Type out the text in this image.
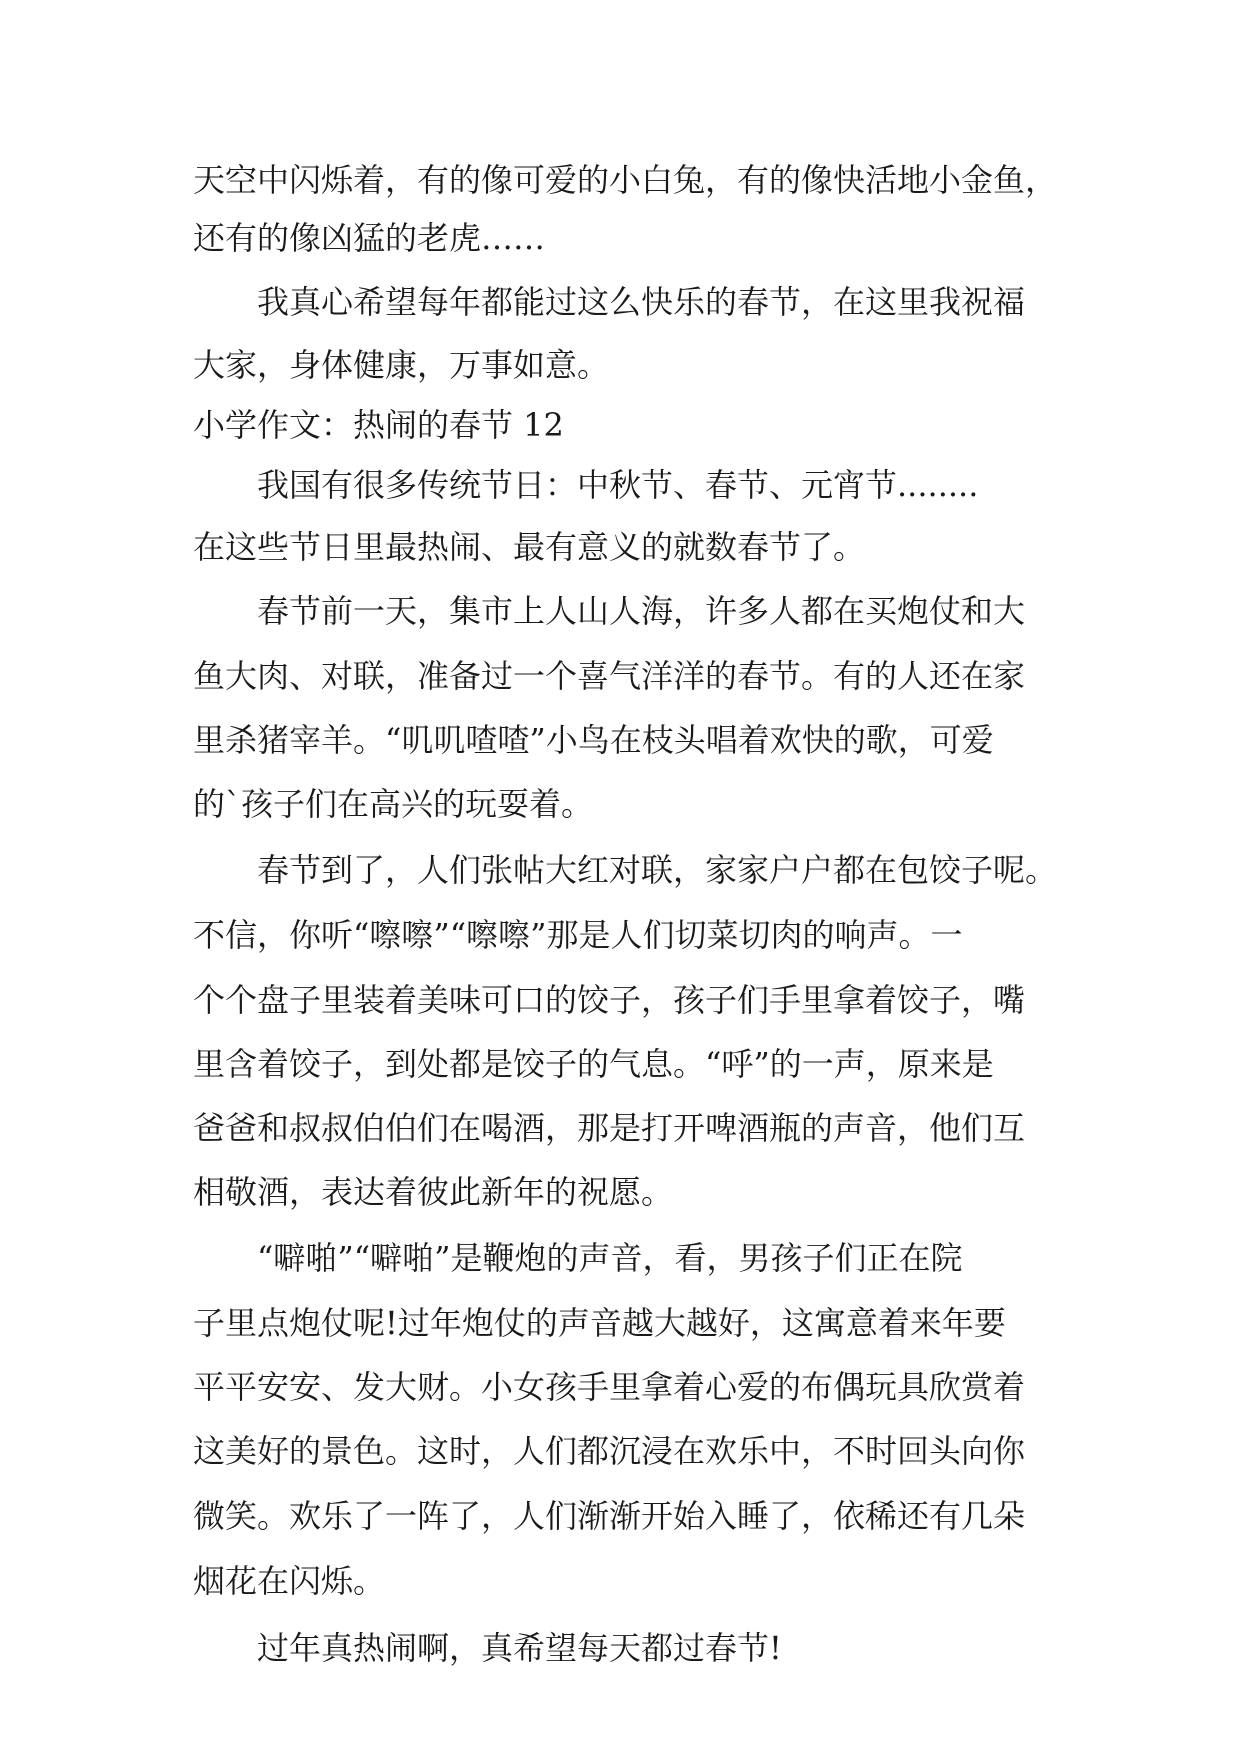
天空中闪烁着，有的像可爱的小白兔，有的像快活地小金鱼，
还有的像凶猛的老虎……
我真心希望每年都能过这么快乐的春节，在这里我祝福
大家，身体健康，万事如意。
小学作文：热闹的春节 12
我国有很多传统节日：中秋节、春节、元宵节........
在这些节日里最热闹、最有意义的就数春节了。
春节前一天，集市上人山人海，许多人都在买炮仗和大
鱼大肉、对联，准备过一个喜气洋洋的春节。有的人还在家
里杀猪宰羊。“叽叽喳喳”小鸟在枝头唱着欢快的歌，可爱
的`孩子们在高兴的玩耍着。
春节到了，人们张帖大红对联，家家户户都在包饺子呢。
不信，你听“嚓嚓”“嚓嚓”那是人们切菜切肉的响声。一
个个盘子里装着美味可口的饺子，孩子们手里拿着饺子，嘴
里含着饺子，到处都是饺子的气息。“呼”的一声，原来是
爸爸和叔叔伯伯们在喝酒，那是打开啤酒瓶的声音，他们互
相敬酒，表达着彼此新年的祝愿。
“噼啪”“噼啪”是鞭炮的声音，看，男孩子们正在院
子里点炮仗呢!过年炮仗的声音越大越好，这寓意着来年要
平平安安、发大财。小女孩手里拿着心爱的布偶玩具欣赏着
这美好的景色。这时，人们都沉浸在欢乐中，不时回头向你
微笑。欢乐了一阵了，人们渐渐开始入睡了，依稀还有几朵
烟花在闪烁。
过年真热闹啊，真希望每天都过春节!
